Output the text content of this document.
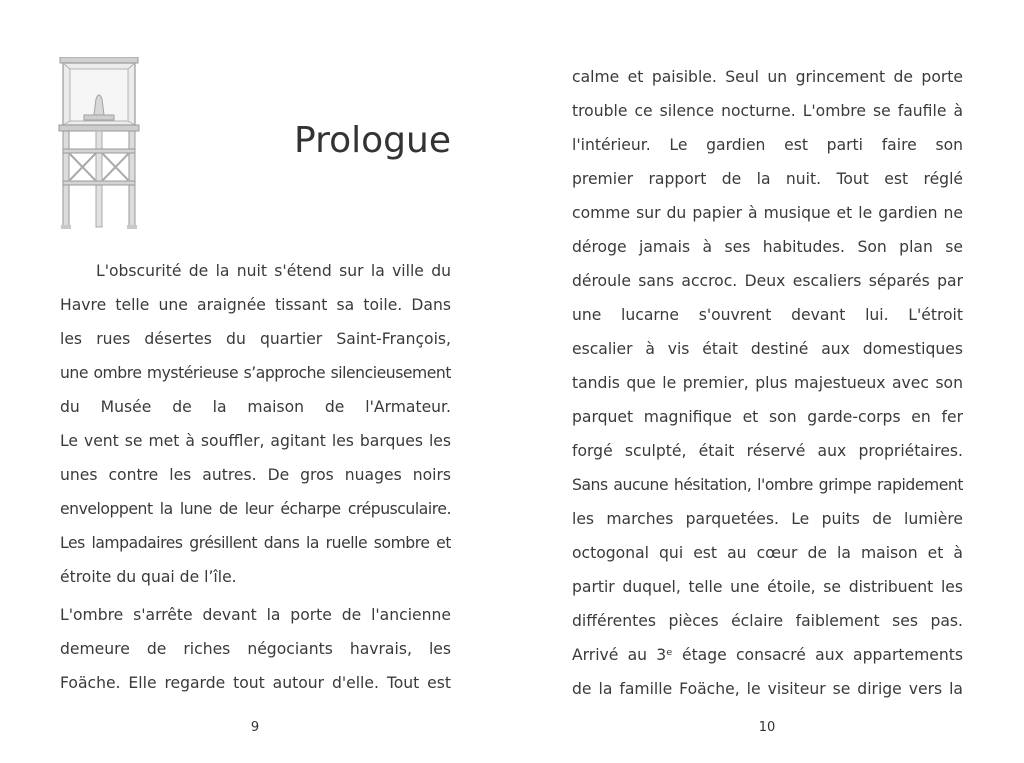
Prologue
L'obscurité de la nuit s'étend sur la ville du
Havre telle une araignée tissant sa toile. Dans
les rues désertes du quartier Saint-François,
une ombre mystérieuse s’approche silencieusement
du Musée de la maison de l'Armateur.
Le vent se met à souffler, agitant les barques les
unes contre les autres. De gros nuages noirs
enveloppent la lune de leur écharpe crépusculaire.
Les lampadaires grésillent dans la ruelle sombre et
étroite du quai de l’île.
L'ombre s'arrête devant la porte de l'ancienne
demeure de riches négociants havrais, les
Foäche. Elle regarde tout autour d'elle. Tout est
9
calme et paisible. Seul un grincement de porte
trouble ce silence nocturne. L'ombre se faufile à
l'intérieur. Le gardien est parti faire son
premier rapport de la nuit. Tout est réglé
comme sur du papier à musique et le gardien ne
déroge jamais à ses habitudes. Son plan se
déroule sans accroc. Deux escaliers séparés par
une lucarne s'ouvrent devant lui. L'étroit
escalier à vis était destiné aux domestiques
tandis que le premier, plus majestueux avec son
parquet magnifique et son garde-corps en fer
forgé sculpté, était réservé aux propriétaires.
Sans aucune hésitation, l'ombre grimpe rapidement
les marches parquetées. Le puits de lumière
octogonal qui est au cœur de la maison et à
partir duquel, telle une étoile, se distribuent les
différentes pièces éclaire faiblement ses pas.
Arrivé au 3ᵉ étage consacré aux appartements
de la famille Foäche, le visiteur se dirige vers la
10
